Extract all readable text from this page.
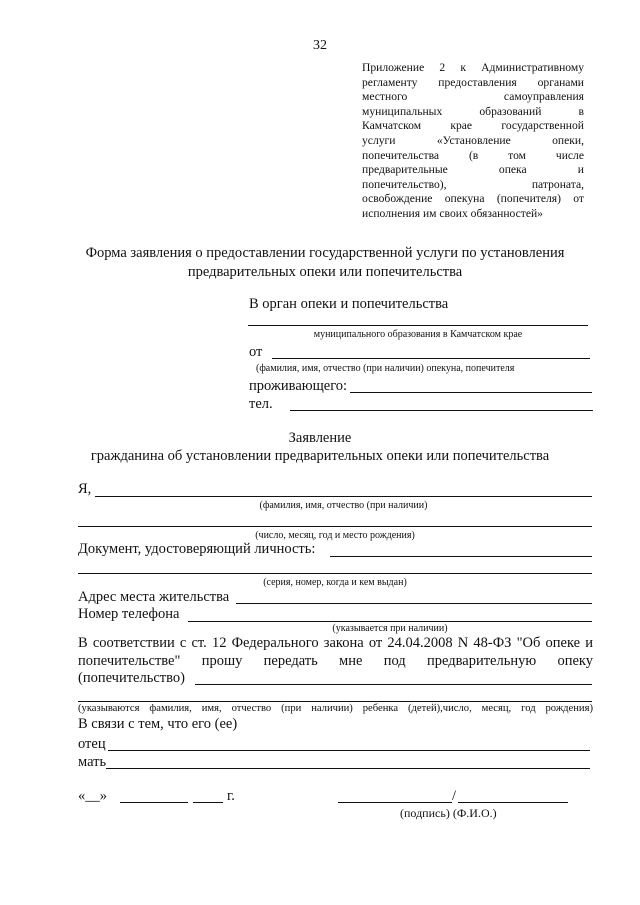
32
Приложение 2 к Административному
регламенту предоставления органами
местного самоуправления
муниципальных образований в
Камчатском крае государственной
услуги «Установление опеки,
попечительства (в том числе
предварительные опека и
попечительство), патроната,
освобождение опекуна (попечителя) от
исполнения им своих обязанностей»
Форма заявления о предоставлении государственной услуги по установления
предварительных опеки или попечительства
В орган опеки и попечительства
муниципального образования в Камчатском крае
от
(фамилия, имя, отчество (при наличии) опекуна, попечителя
проживающего:
тел.
Заявление
гражданина об установлении предварительных опеки или попечительства
Я,
(фамилия, имя, отчество (при наличии)
(число, месяц, год и место рождения)
Документ, удостоверяющий личность:
(серия, номер, когда и кем выдан)
Адрес места жительства
Номер телефона
(указывается при наличии)
В соответствии с ст. 12 Федерального закона от 24.04.2008 N 48-ФЗ "Об опеке и
попечительстве" прошу передать мне под предварительную опеку
(попечительство)
(указываются фамилия, имя, отчество (при наличии) ребенка (детей),число, месяц, год рождения)
В связи с тем, что его (ее)
отец
мать
«__»	г.	/
(подпись) (Ф.И.О.)
